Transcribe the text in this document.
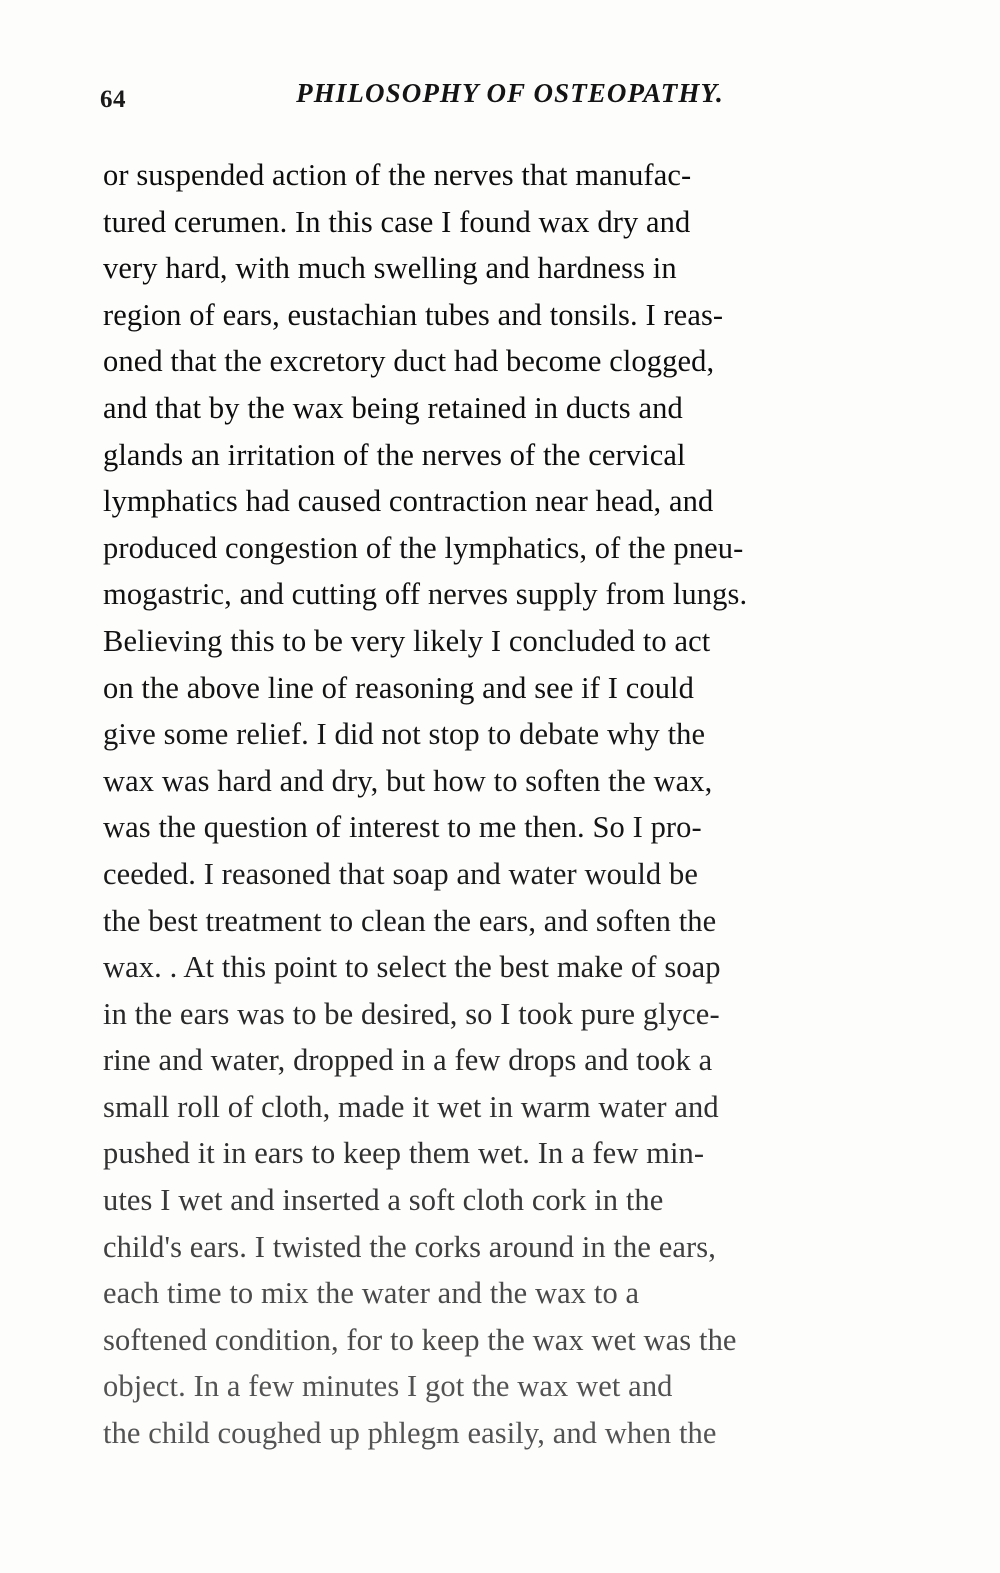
64	PHILOSOPHY OF OSTEOPATHY.
or suspended action of the nerves that manufac-
tured cerumen. In this case I found wax dry and
very hard, with much swelling and hardness in
region of ears, eustachian tubes and tonsils. I reas-
oned that the excretory duct had become clogged,
and that by the wax being retained in ducts and
glands an irritation of the nerves of the cervical
lymphatics had caused contraction near head, and
produced congestion of the lymphatics, of the pneu-
mogastric, and cutting off nerves supply from lungs.
Believing this to be very likely I concluded to act
on the above line of reasoning and see if I could
give some relief. I did not stop to debate why the
wax was hard and dry, but how to soften the wax,
was the question of interest to me then. So I pro-
ceeded. I reasoned that soap and water would be
the best treatment to clean the ears, and soften the
wax. . At this point to select the best make of soap
in the ears was to be desired, so I took pure glyce-
rine and water, dropped in a few drops and took a
small roll of cloth, made it wet in warm water and
pushed it in ears to keep them wet. In a few min-
utes I wet and inserted a soft cloth cork in the
child's ears. I twisted the corks around in the ears,
each time to mix the water and the wax to a
softened condition, for to keep the wax wet was the
object. In a few minutes I got the wax wet and
the child coughed up phlegm easily, and when the
